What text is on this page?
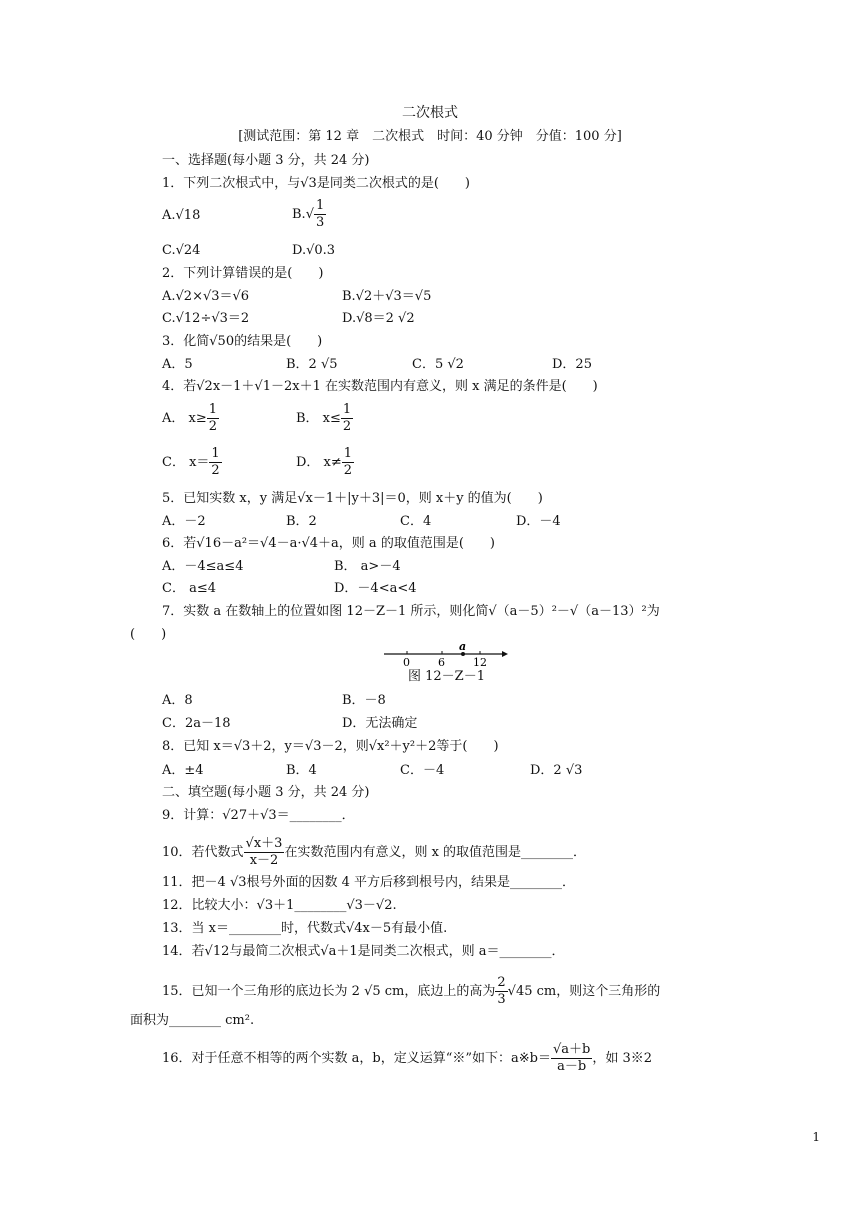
二次根式
[测试范围：第 12 章　二次根式　时间：40 分钟　分值：100 分]
一、选择题(每小题 3 分，共 24 分)
1．下列二次根式中，与√3是同类二次根式的是(　　)
A.√18	$B.√ \frac{1}{3}$
C.√24	D.√0.3
2．下列计算错误的是(　　)
A.√2×√3＝√6	B.√2＋√3＝√5
C.√12÷√3＝2	D.√8＝2 √2
3．化简√50的结果是(　　)
A．5	B．2 √5	C．5 √2	D．25
4．若√2x－1＋√1－2x＋1 在实数范围内有意义，则 x 满足的条件是(　　)
A． $x\ge \frac{1}{2}$	B． $x\le \frac{1}{2}$
C． $x= \frac{1}{2}$	D． $x\ne \frac{1}{2}$
5．已知实数 x，y 满足√x－1＋|y＋3|＝0，则 x＋y 的值为(　　)
A．－2	B．2	C．4	D．－4
6．若√16－a²＝√4－a·√4＋a，则 a 的取值范围是(　　)
A．－4≤a≤4	B． a>－4
C． a≤4	D．－4<a<4
7．实数 a 在数轴上的位置如图 12－Z－1 所示，则化简√（a－5）²－√（a－13）²为
(　　)
0	6
a
12
图 12－Z－1
A．8	B．－8
C．2a－18	D．无法确定
8．已知 x＝√3＋2，y＝√3－2，则√x²＋y²＋2等于(　　)
A．±4	B．4	C．－4	D．2 √3
二、填空题(每小题 3 分，共 24 分)
9．计算：√27＋√3＝________．
10．若代数式 $\frac{√x+3}{x-2}$ 在实数范围内有意义，则 x 的取值范围是________．
11．把－4 √3根号外面的因数 4 平方后移到根号内，结果是________．
12．比较大小：√3＋1________√3－√2.
13．当 x＝________时，代数式√4x－5有最小值.
14．若√12与最简二次根式√a＋1是同类二次根式，则 a＝________．
15．已知一个三角形的底边长为 2 √5 cm，底边上的高为 $\frac{2}{3} √45$ cm，则这个三角形的
面积为________ cm².
16．对于任意不相等的两个实数 a，b，定义运算“※”如下：a※b＝ $\frac{√a+b}{a-b}$ ，如 3※2
1
